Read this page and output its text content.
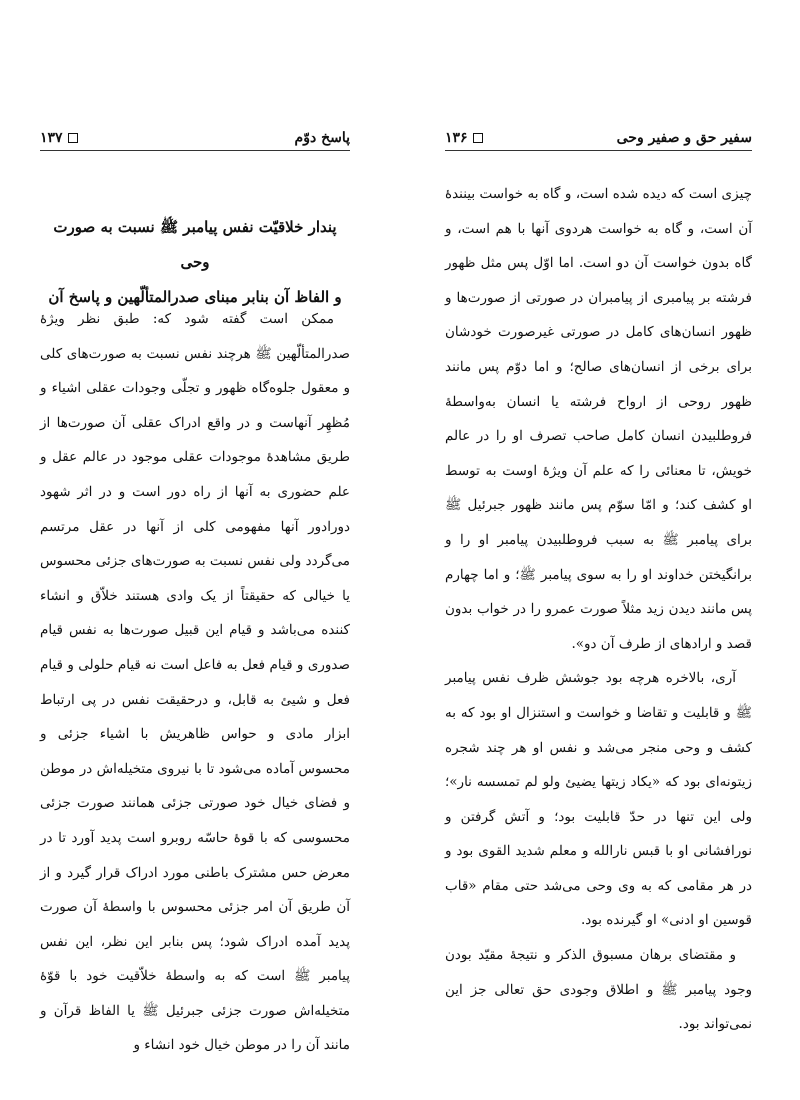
۱۳۷	پاسخ دوّم
پندار خلاقیّت نفس پیامبر ﷺ نسبت به صورت وحی
و الفاظ آن بنابر مبنای صدرالمتألّهین و پاسخ آن

ممکن است گفته شود که: طبق نظر ویژهٔ صدرالمتألّهین ﷺ هرچند نفس نسبت به صورت‌های کلی و معقول جلوه‌گاه ظهور و تجلّی وجودات عقلی اشیاء و مُظهِر آنهاست و در واقع ادراک عقلی آن صورت‌ها از طریق مشاهدهٔ موجودات عقلی موجود در عالم عقل و علم حضوری به آنها از راه دور است و در اثر شهود دورادور آنها مفهومی کلی از آنها در عقل مرتسم می‌گردد ولی نفس نسبت به صورت‌های جزئی محسوس یا خیالی که حقیقتاً از یک وادی هستند خلاّق و انشاء کننده می‌باشد و قیام این قبیل صورت‌ها به نفس قیام صدوری و قیام فعل به فاعل است نه قیام حلولی و قیام فعل و شیئ به قابل، و درحقیقت نفس در پی ارتباط ابزار مادی و حواس ظاهریش با اشیاء جزئی و محسوس آماده می‌شود تا با نیروی متخیله‌اش در موطن و فضای خیال خود صورتی جزئی همانند صورت جزئی محسوسی که با قوهٔ حاسّه روبرو است پدید آورد تا در معرض حس مشترک باطنی مورد ادراک قرار گیرد و از آن طریق آن امر جزئی محسوس با واسطهٔ آن صورت پدید آمده ادراک شود؛ پس بنابر این نظر، این نفس پیامبر ﷺ است که به واسطهٔ خلاّقیت خود با قوّهٔ متخیله‌اش صورت جزئی جبرئیل ﷺ یا الفاظ قرآن و مانند آن را در موطن خیال خود انشاء و

۱۳۶	سفیر حق و صفیر وحی

چیزی است که دیده شده است، و گاه به خواست بینندهٔ آن است، و گاه به خواست هردوی آنها با هم است، و گاه بدون خواست آن دو است. اما اوّل پس مثل ظهور فرشته بر پیامبری از پیامبران در صورتی از صورت‌ها و ظهور انسان‌های کامل در صورتی غیرصورت خودشان برای برخی از انسان‌های صالح؛ و اما دوّم پس مانند ظهور روحی از ارواح فرشته یا انسان به‌واسطهٔ فروطلبیدن انسان کامل صاحب تصرف او را در عالم خویش، تا معنائی را که علم آن ویژهٔ اوست به توسط او کشف کند؛ و امّا سوّم پس مانند ظهور جبرئیل ﷺ برای پیامبر ﷺ به سبب فروطلبیدن پیامبر او را و برانگیختن خداوند او را به سوی پیامبر ﷺ؛ و اما چهارم پس مانند دیدن زید مثلاً صورت عمرو را در خواب بدون قصد و ارادهای از طرف آن دو».

آری، بالاخره هرچه بود جوشش ظرف نفس پیامبر ﷺ و قابلیت و تقاضا و خواست و استنزال او بود که به کشف و وحی منجر می‌شد و نفس او هر چند شجره زیتونه‌ای بود که «یکاد زیتها یضیئ ولو لم تمسسه نار»؛ ولی این تنها در حدّ قابلیت بود؛ و آتش گرفتن و نورافشانی او با قبس نارالله و معلم شدید القوی بود و در هر مقامی که به وی وحی می‌شد حتی مقام «قاب قوسین او ادنی» او گیرنده بود.

و مقتضای برهان مسبوق الذکر و نتیجهٔ مقیّد بودن وجود پیامبر ﷺ و اطلاق وجودی حق تعالی جز این نمی‌تواند بود.
